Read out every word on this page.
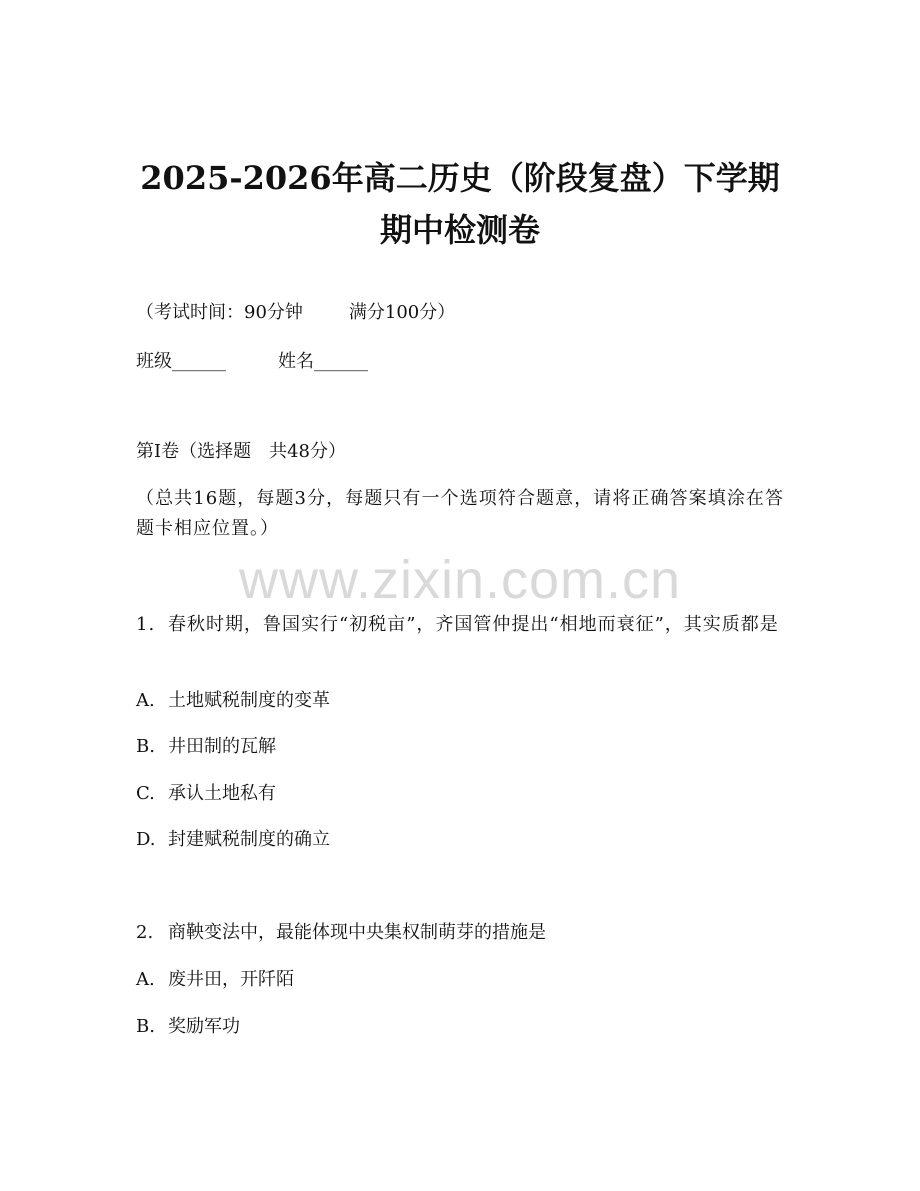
2025-2026年高二历史（阶段复盘）下学期
期中检测卷

（考试时间：90分钟	满分100分）

班级______	姓名______

第Ⅰ卷（选择题　共48分）

（总共16题，每题3分，每题只有一个选项符合题意，请将正确答案填涂在答题卡相应位置。）

www.zixin.com.cn

1. 春秋时期，鲁国实行“初税亩”，齐国管仲提出“相地而衰征”，其实质都是

A. 土地赋税制度的变革

B. 井田制的瓦解

C. 承认土地私有

D. 封建赋税制度的确立

2. 商鞅变法中，最能体现中央集权制萌芽的措施是

A. 废井田，开阡陌

B. 奖励军功
